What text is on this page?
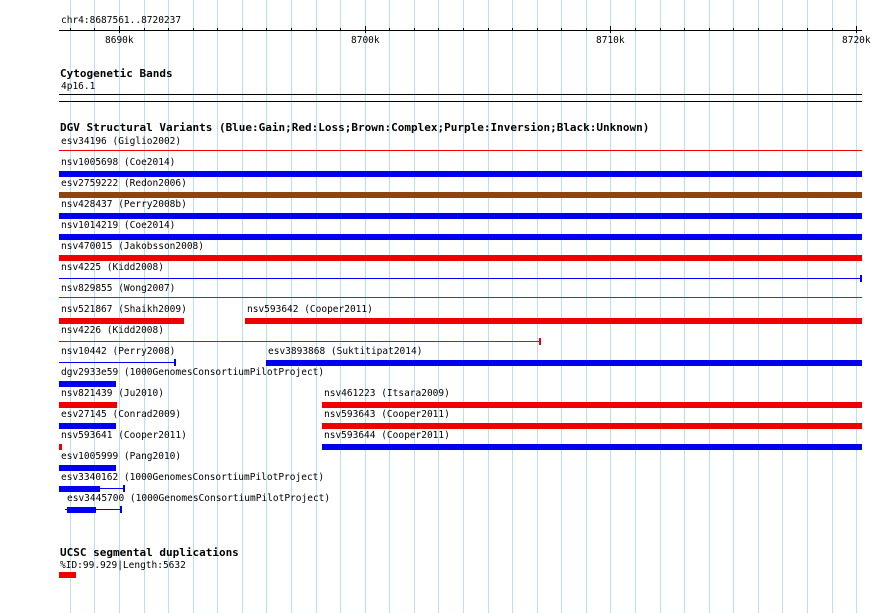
chr4:8687561..8720237
8690k	8700k	8710k	8720k
Cytogenetic Bands
4p16.1
DGV Structural Variants (Blue:Gain;Red:Loss;Brown:Complex;Purple:Inversion;Black:Unknown)
esv34196 (Giglio2002)
nsv1005698 (Coe2014)
esv2759222 (Redon2006)
nsv428437 (Perry2008b)
nsv1014219 (Coe2014)
nsv470015 (Jakobsson2008)
nsv4225 (Kidd2008)
nsv829855 (Wong2007)
nsv521867 (Shaikh2009)	nsv593642 (Cooper2011)
nsv4226 (Kidd2008)
nsv10442 (Perry2008)	esv3893868 (Suktitipat2014)
dgv2933e59 (1000GenomesConsortiumPilotProject)
nsv821439 (Ju2010)	nsv461223 (Itsara2009)
esv27145 (Conrad2009)	nsv593643 (Cooper2011)
nsv593641 (Cooper2011)	nsv593644 (Cooper2011)
esv1005999 (Pang2010)
esv3340162 (1000GenomesConsortiumPilotProject)
esv3445700 (1000GenomesConsortiumPilotProject)
UCSC segmental duplications
%ID:99.929|Length:5632
